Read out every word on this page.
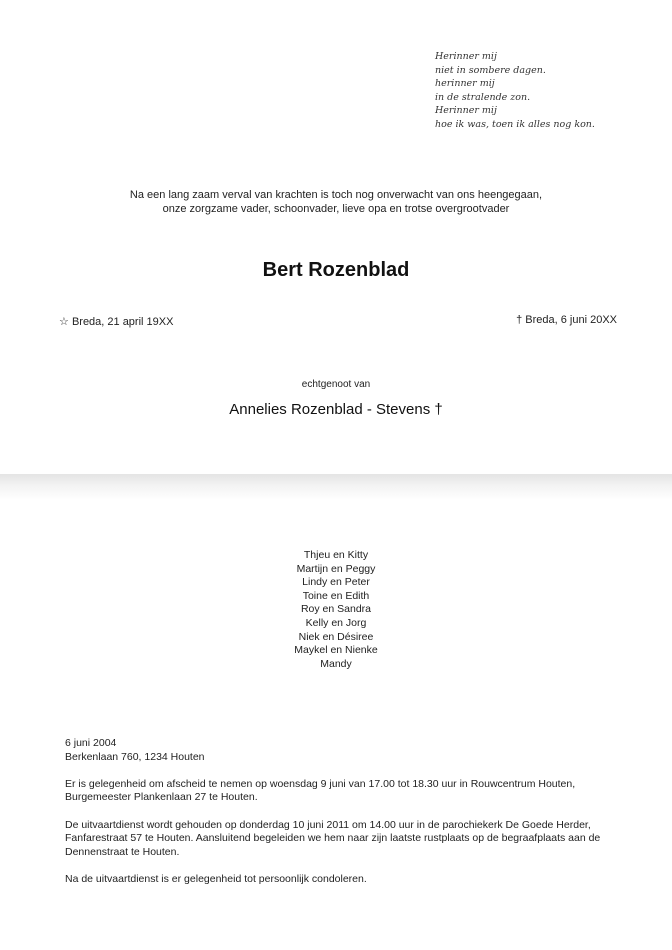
Herinner mij
niet in sombere dagen.
herinner mij
in de stralende zon.
Herinner mij
hoe ik was, toen ik alles nog kon.
Na een lang zaam verval van krachten is toch nog onverwacht van ons heengegaan,
onze zorgzame vader, schoonvader, lieve opa en trotse overgrootvader
Bert Rozenblad
☆ Breda, 21 april 19XX	† Breda, 6 juni 20XX
echtgenoot van
Annelies Rozenblad - Stevens †
Thjeu en Kitty
Martijn en Peggy
Lindy en Peter
Toine en Edith
Roy en Sandra
Kelly en Jorg
Niek en Désiree
Maykel en Nienke
Mandy

6 juni 2004
Berkenlaan 760, 1234 Houten

Er is gelegenheid om afscheid te nemen op woensdag 9 juni van 17.00 tot 18.30 uur in Rouwcentrum Houten,
Burgemeester Plankenlaan 27 te Houten.

De uitvaartdienst wordt gehouden op donderdag 10 juni 2011 om 14.00 uur in de parochiekerk De Goede Herder,
Fanfarestraat 57 te Houten. Aansluitend begeleiden we hem naar zijn laatste rustplaats op de begraafplaats aan de
Dennenstraat te Houten.

Na de uitvaartdienst is er gelegenheid tot persoonlijk condoleren.
